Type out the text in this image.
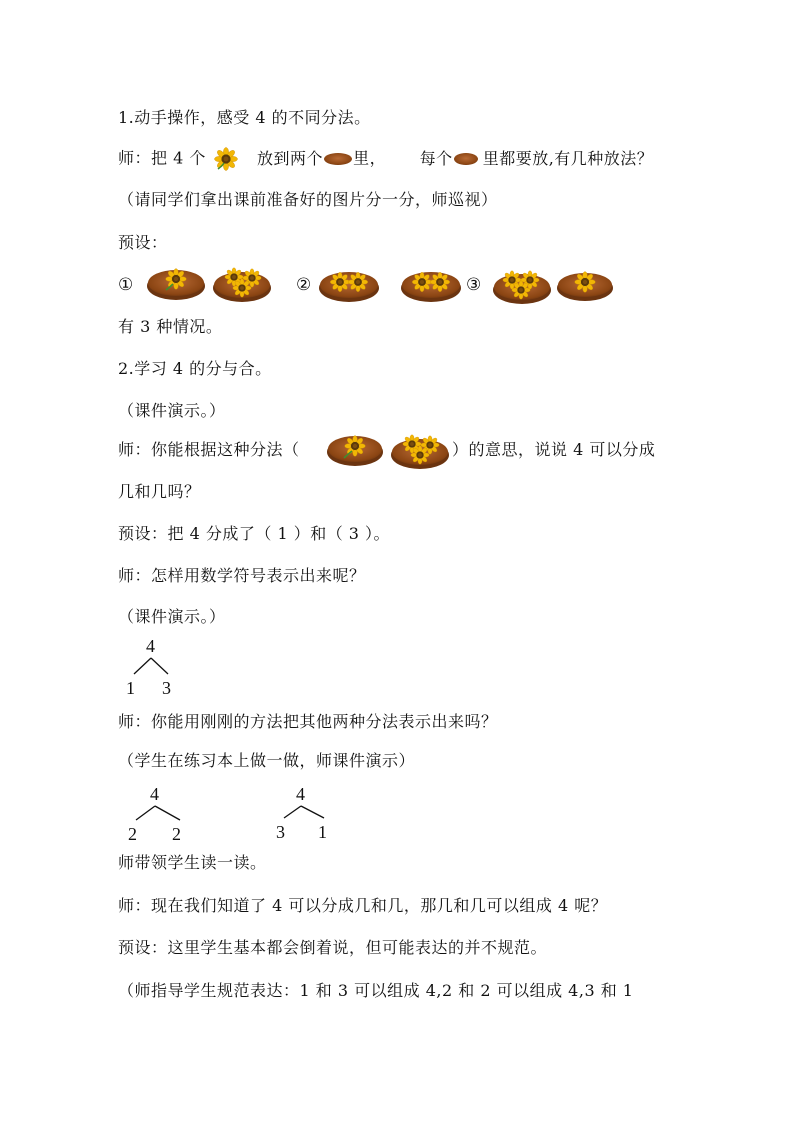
1.动手操作，感受 4 的不同分法。
师：把 4 个	放到两个 里， 每个 里都要放,有几种放法？
（请同学们拿出课前准备好的图片分一分，师巡视）
预设：
①	②	③
有 3 种情况。
2.学习 4 的分与合。
（课件演示。）
师：你能根据这种分法（	）的意思，说说 4 可以分成
几和几吗？
预设：把 4 分成了（ 1 ）和（ 3 ）。
师：怎样用数学符号表示出来呢？
（课件演示。）
4
1 3
师：你能用刚刚的方法把其他两种分法表示出来吗？
（学生在练习本上做一做，师课件演示）
4
2 2
4
3 1
师带领学生读一读。
师：现在我们知道了 4 可以分成几和几，那几和几可以组成 4 呢？
预设：这里学生基本都会倒着说，但可能表达的并不规范。
（师指导学生规范表达：1 和 3 可以组成 4,2 和 2 可以组成 4,3 和 1
